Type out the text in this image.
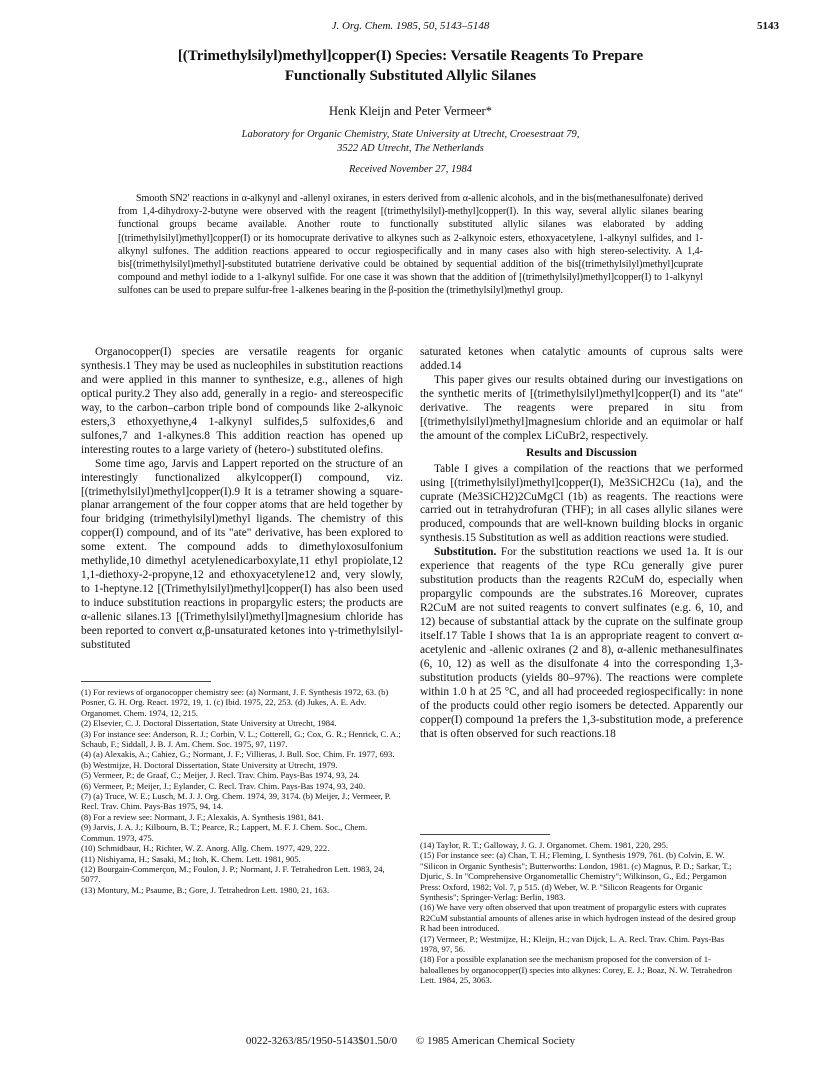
J. Org. Chem. 1985, 50, 5143–5148	5143
[(Trimethylsilyl)methyl]copper(I) Species: Versatile Reagents To Prepare
Functionally Substituted Allylic Silanes
Henk Kleijn and Peter Vermeer*
Laboratory for Organic Chemistry, State University at Utrecht, Croesestraat 79,
3522 AD Utrecht, The Netherlands
Received November 27, 1984

Smooth SN2′ reactions in α-alkynyl and -allenyl oxiranes, in esters derived from α-allenic alcohols, and in the bis(methanesulfonate) derived from 1,4-dihydroxy-2-butyne were observed with the reagent [(trimethylsilyl)-methyl]copper(I). In this way, several allylic silanes bearing functional groups became available. Another route to functionally substituted allylic silanes was elaborated by adding [(trimethylsilyl)methyl]copper(I) or its homocuprate derivative to alkynes such as 2-alkynoic esters, ethoxyacetylene, 1-alkynyl sulfides, and 1-alkynyl sulfones. The addition reactions appeared to occur regiospecifically and in many cases also with high stereo-selectivity. A 1,4-bis[(trimethylsilyl)methyl]-substituted butatriene derivative could be obtained by sequential addition of the bis[(trimethylsilyl)methyl]cuprate compound and methyl iodide to a 1-alkynyl sulfide. For one case it was shown that the addition of [(trimethylsilyl)methyl]copper(I) to 1-alkynyl sulfones can be used to prepare sulfur-free 1-alkenes bearing in the β-position the (trimethylsilyl)methyl group.

Organocopper(I) species are versatile reagents for organic synthesis.1 They may be used as nucleophiles in substitution reactions and were applied in this manner to synthesize, e.g., allenes of high optical purity.2 They also add, generally in a regio- and stereospecific way, to the carbon–carbon triple bond of compounds like 2-alkynoic esters,3 ethoxyethyne,4 1-alkynyl sulfides,5 sulfoxides,6 and sulfones,7 and 1-alkynes.8 This addition reaction has opened up interesting routes to a large variety of (hetero-) substituted olefins.

Some time ago, Jarvis and Lappert reported on the structure of an interestingly functionalized alkylcopper(I) compound, viz. [(trimethylsilyl)methyl]copper(I).9 It is a tetramer showing a square-planar arrangement of the four copper atoms that are held together by four bridging (trimethylsilyl)methyl ligands. The chemistry of this copper(I) compound, and of its "ate" derivative, has been explored to some extent. The compound adds to dimethyloxosulfonium methylide,10 dimethyl acetylenedicarboxylate,11 ethyl propiolate,12 1,1-diethoxy-2-propyne,12 and ethoxyacetylene12 and, very slowly, to 1-heptyne.12 [(Trimethylsilyl)methyl]copper(I) has also been used to induce substitution reactions in propargylic esters; the products are α-allenic silanes.13 [(Trimethylsilyl)methyl]magnesium chloride has been reported to convert α,β-unsaturated ketones into γ-trimethylsilyl-substituted

(1) For reviews of organocopper chemistry see: (a) Normant, J. F. Synthesis 1972, 63. (b) Posner, G. H. Org. React. 1972, 19, 1. (c) Ibid. 1975, 22, 253. (d) Jukes, A. E. Adv. Organomet. Chem. 1974, 12, 215.

(2) Elsevier, C. J. Doctoral Dissertation, State University at Utrecht, 1984.

(3) For instance see: Anderson, R. J.; Corbin, V. L.; Cotterell, G.; Cox, G. R.; Henrick, C. A.; Schaub, F.; Siddall, J. B. J. Am. Chem. Soc. 1975, 97, 1197.

(4) (a) Alexakis, A.; Cahiez, G.; Normant, J. F.; Villieras, J. Bull. Soc. Chim. Fr. 1977, 693. (b) Westmijze, H. Doctoral Dissertation, State University at Utrecht, 1979.

(5) Vermeer, P.; de Graaf, C.; Meijer, J. Recl. Trav. Chim. Pays-Bas 1974, 93, 24.

(6) Vermeer, P.; Meijer, J.; Eylander, C. Recl. Trav. Chim. Pays-Bas 1974, 93, 240.

(7) (a) Truce, W. E.; Lusch, M. J. J. Org. Chem. 1974, 39, 3174. (b) Meijer, J.; Vermeer, P. Recl. Trav. Chim. Pays-Bas 1975, 94, 14.

(8) For a review see: Normant, J. F.; Alexakis, A. Synthesis 1981, 841.

(9) Jarvis, J. A. J.; Kilbourn, B. T.; Pearce, R.; Lappert, M. F. J. Chem. Soc., Chem. Commun. 1973, 475.

(10) Schmidbaur, H.; Richter, W. Z. Anorg. Allg. Chem. 1977, 429, 222.

(11) Nishiyama, H.; Sasaki, M.; Itoh, K. Chem. Lett. 1981, 905.

(12) Bourgain-Commerçon, M.; Foulon, J. P.; Normant, J. F. Tetrahedron Lett. 1983, 24, 5077.

(13) Montury, M.; Psaume, B.; Gore, J. Tetrahedron Lett. 1980, 21, 163.

saturated ketones when catalytic amounts of cuprous salts were added.14

This paper gives our results obtained during our investigations on the synthetic merits of [(trimethylsilyl)methyl]copper(I) and its "ate" derivative. The reagents were prepared in situ from [(trimethylsilyl)methyl]magnesium chloride and an equimolar or half the amount of the complex LiCuBr2, respectively.

Results and Discussion

Table I gives a compilation of the reactions that we performed using [(trimethylsilyl)methyl]copper(I), Me3SiCH2Cu (1a), and the cuprate (Me3SiCH2)2CuMgCl (1b) as reagents. The reactions were carried out in tetrahydrofuran (THF); in all cases allylic silanes were produced, compounds that are well-known building blocks in organic synthesis.15 Substitution as well as addition reactions were studied.

Substitution. For the substitution reactions we used 1a. It is our experience that reagents of the type RCu generally give purer substitution products than the reagents R2CuM do, especially when propargylic compounds are the substrates.16 Moreover, cuprates R2CuM are not suited reagents to convert sulfinates (e.g. 6, 10, and 12) because of substantial attack by the cuprate on the sulfinate group itself.17 Table I shows that 1a is an appropriate reagent to convert α-acetylenic and -allenic oxiranes (2 and 8), α-allenic methanesulfinates (6, 10, 12) as well as the disulfonate 4 into the corresponding 1,3-substitution products (yields 80–97%). The reactions were complete within 1.0 h at 25 °C, and all had proceeded regiospecifically: in none of the products could other regio isomers be detected. Apparently our copper(I) compound 1a prefers the 1,3-substitution mode, a preference that is often observed for such reactions.18

(14) Taylor, R. T.; Galloway, J. G. J. Organomet. Chem. 1981, 220, 295.

(15) For instance see: (a) Chan, T. H.; Fleming, I. Synthesis 1979, 761. (b) Colvin, E. W. "Silicon in Organic Synthesis"; Butterworths: London, 1981. (c) Magnus, P. D.; Sarkar, T.; Djuric, S. In "Comprehensive Organometallic Chemistry"; Wilkinson, G., Ed.; Pergamon Press: Oxford, 1982; Vol. 7, p 515. (d) Weber, W. P. "Silicon Reagents for Organic Synthesis"; Springer-Verlag: Berlin, 1983.

(16) We have very often observed that upon treatment of propargylic esters with cuprates R2CuM substantial amounts of allenes arise in which hydrogen instead of the desired group R had been introduced.

(17) Vermeer, P.; Westmijze, H.; Kleijn, H.; van Dijck, L. A. Recl. Trav. Chim. Pays-Bas 1978, 97, 56.

(18) For a possible explanation see the mechanism proposed for the conversion of 1-haloallenes by organocopper(I) species into alkynes: Corey, E. J.; Boaz, N. W. Tetrahedron Lett. 1984, 25, 3063.

0022-3263/85/1950-5143$01.50/0 © 1985 American Chemical Society
